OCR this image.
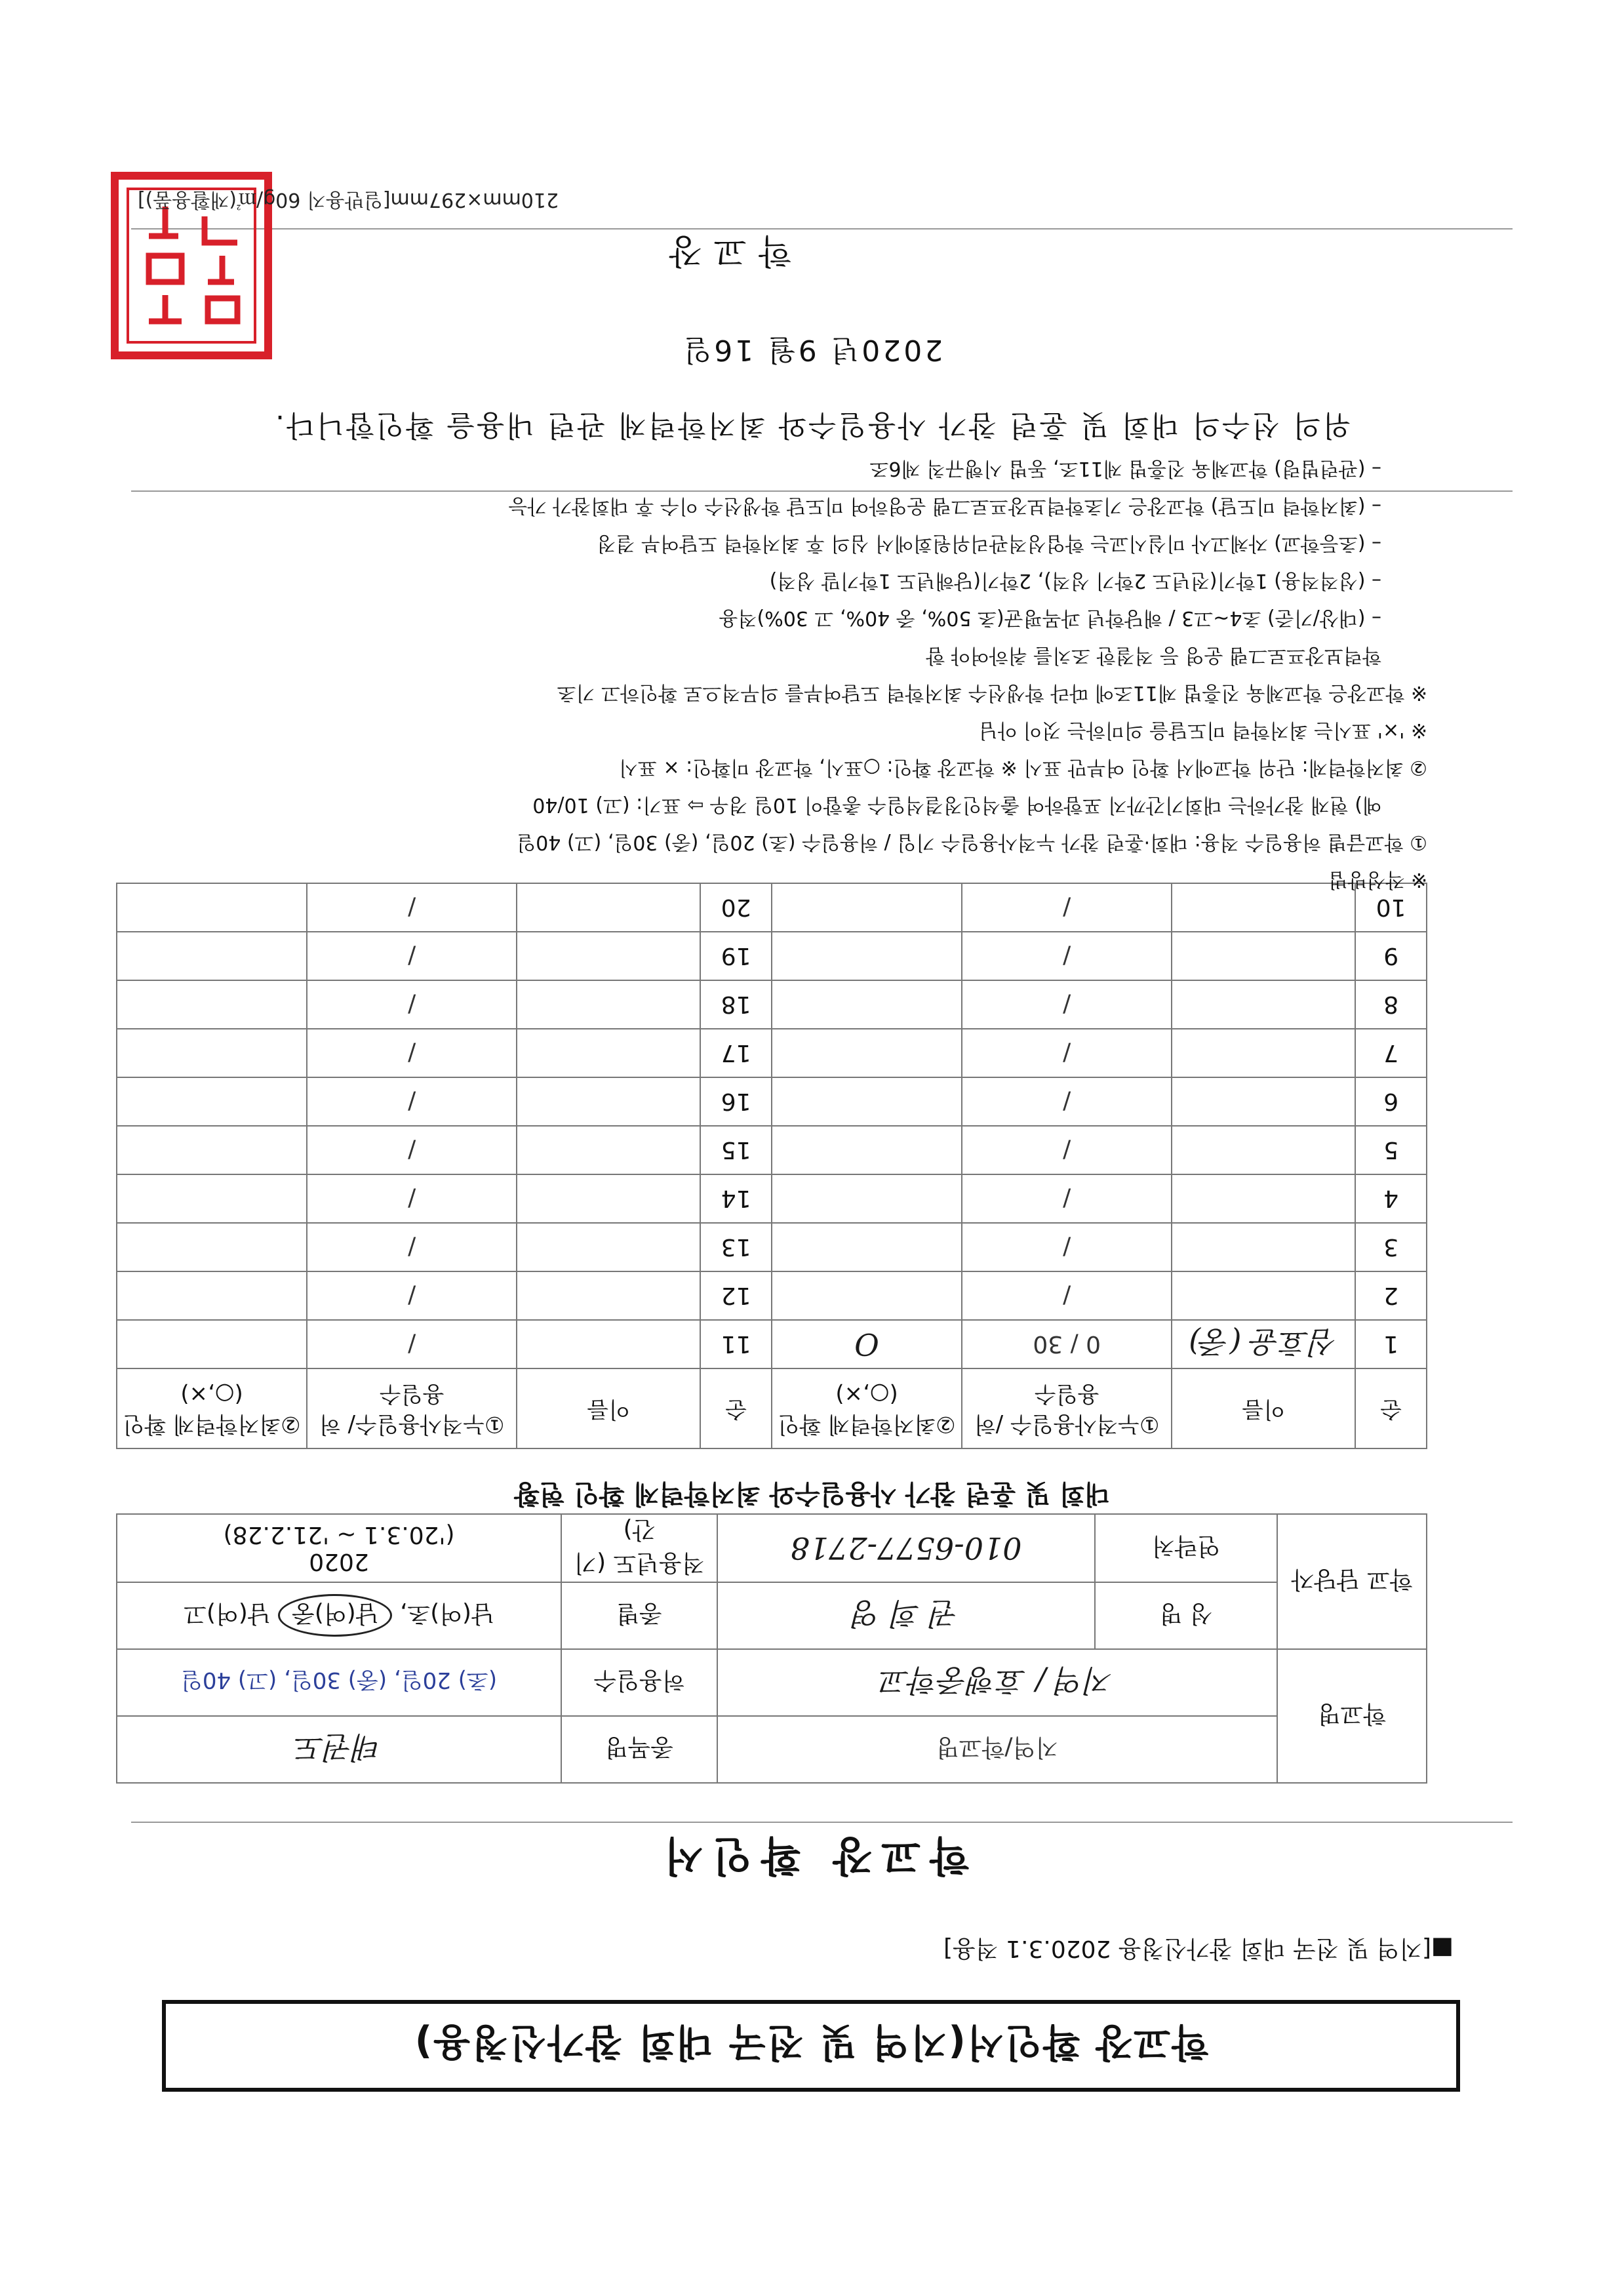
학교장 확인서(지역 및 전국 대회 참가신청용)
■[지역 및 전국 대회 참가신청용 2020.3.1 적용]
학교장 확인서
학교명	지역/학교명		종목명	태권도
	지역 / 효행중학교		허용일수	(초) 20일, (중) 30일, (고) 40일
학교 담당자	성 명	권 희 영	종별	남(여)초, 남(여)중 남(여)고
	연락처	010-6577-2718	적용년도 (기간)	2020
('20.3.1 ~ '21.2.28)
대회 및 훈련 참가 사용일수와 최저학력제 확인 현황
순	이름	①누적사용일수 /허용일수	②최저학력제 확인(○,×)	순	이름	①누적사용일수/ 허용일수	②최저학력제 확인(○,×)
1	심효윤 (중)	0 / 30	O	11		/	
2		/		12		/	
3		/		13		/	
4		/		14		/	
5		/		15		/	
6		/		16		/	
7		/		17		/	
8		/		18		/	
9		/		19		/	
10		/		20		/	
※ 작성방법
① 학교급별 허용일수 적용: 대회·훈련 참가 누적사용일수 기입 / 허용일수 (초) 20일, (중) 30일, (고) 40일
예) 현재 참가하는 대회기간까지 포함하여 출석인정결석일수 총합이 10일 경우 ⇨ 표기: (고) 10/40
② 최저학력제: 단위 학교에서 확인 여부만 표시 ※ 학교장 확인: ○표시, 학교장 미확인: × 표시
※ '×' 표시는 최저학력 미도달을 의미하는 것이 아님
※ 학교장은 학교체육 진흥법 제11조에 따라 학생선수 최저학력 도달여부를 의무적으로 확인하고 기초
학력보장프로그램 운영 등 적절한 조치를 취하여야 함
– (대상/기준) 초4~고3 / 해당학년 과목평균(초 50%, 중 40%, 고 30%)적용
– (성적적용) 1학기(전년도 2학기 성적), 2학기(당해년도 1학기말 성적)
– (초등학교) 자체고사 미실시교는 학업성적관리위원회에서 심의 후 최저학력 도달여부 결정
– (최저학력 미도달) 학교장은 기초학력보장프로그램 운영하여 미도달 학생선수 이수 후 대회참가 가능
– (관련법령) 학교체육 진흥법 제11조, 동법 시행규칙 제6조
위의 선수의 대회 및 훈련 참가 사용일수와 최저학력제 관련 내용을 확인합니다.
2020년 9월 16일
학교장
210mm×297mm[일반용지 60g/㎡(재활용품)]
